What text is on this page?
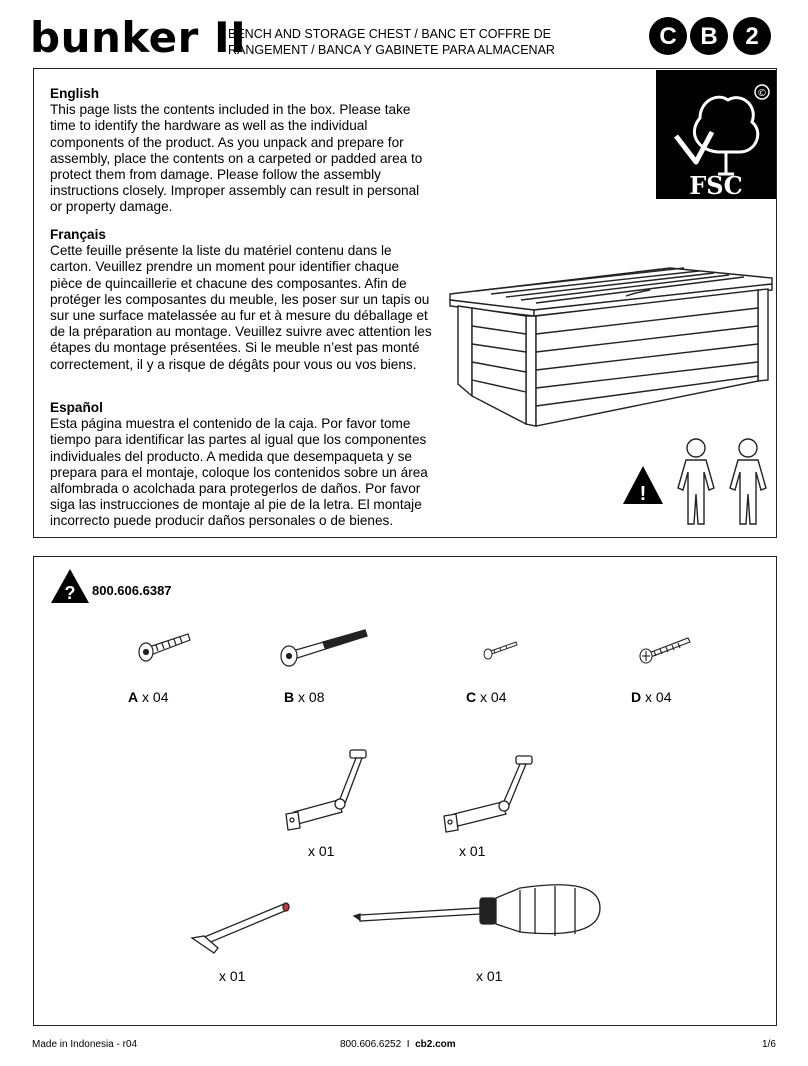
bunker II
BENCH AND STORAGE CHEST / BANC ET COFFRE DE
RANGEMENT / BANCA Y GABINETE PARA ALMACENAR	C B 2
English

This page lists the contents included in the box. Please take time to identify the hardware as well as the individual components of the product. As you unpack and prepare for assembly, place the contents on a carpeted or padded area to protect them from damage. Please follow the assembly instructions closely. Improper assembly can result in personal or property damage.

Français

Cette feuille présente la liste du matériel contenu dans le carton. Veuillez prendre un moment pour identifier chaque pièce de quincaillerie et chacune des composantes. Afin de protéger les composantes du meuble, les poser sur un tapis ou sur une surface matelassée au fur et à mesure du déballage et de la préparation au montage. Veuillez suivre avec attention les étapes du montage présentées. Si le meuble n’est pas monté correctement, il y a risque de dégâts pour vous ou vos biens.

Español

Esta página muestra el contenido de la caja. Por favor tome tiempo para identificar las partes al igual que los componentes individuales del producto. A medida que desempaqueta y se prepara para el montaje, coloque los contenidos sobre un área alfombrada o acolchada para protegerlos de daños. Por favor siga las instrucciones de montaje al pie de la letra. El montaje incorrecto puede producir daños personales o de bienes.

FSC
©
!
? 800.606.6387
A x 04	B x 08	C x 04	D x 04
x 01	x 01
x 01	x 01
Made in Indonesia - r04	800.606.6252 I cb2.com	1/6
